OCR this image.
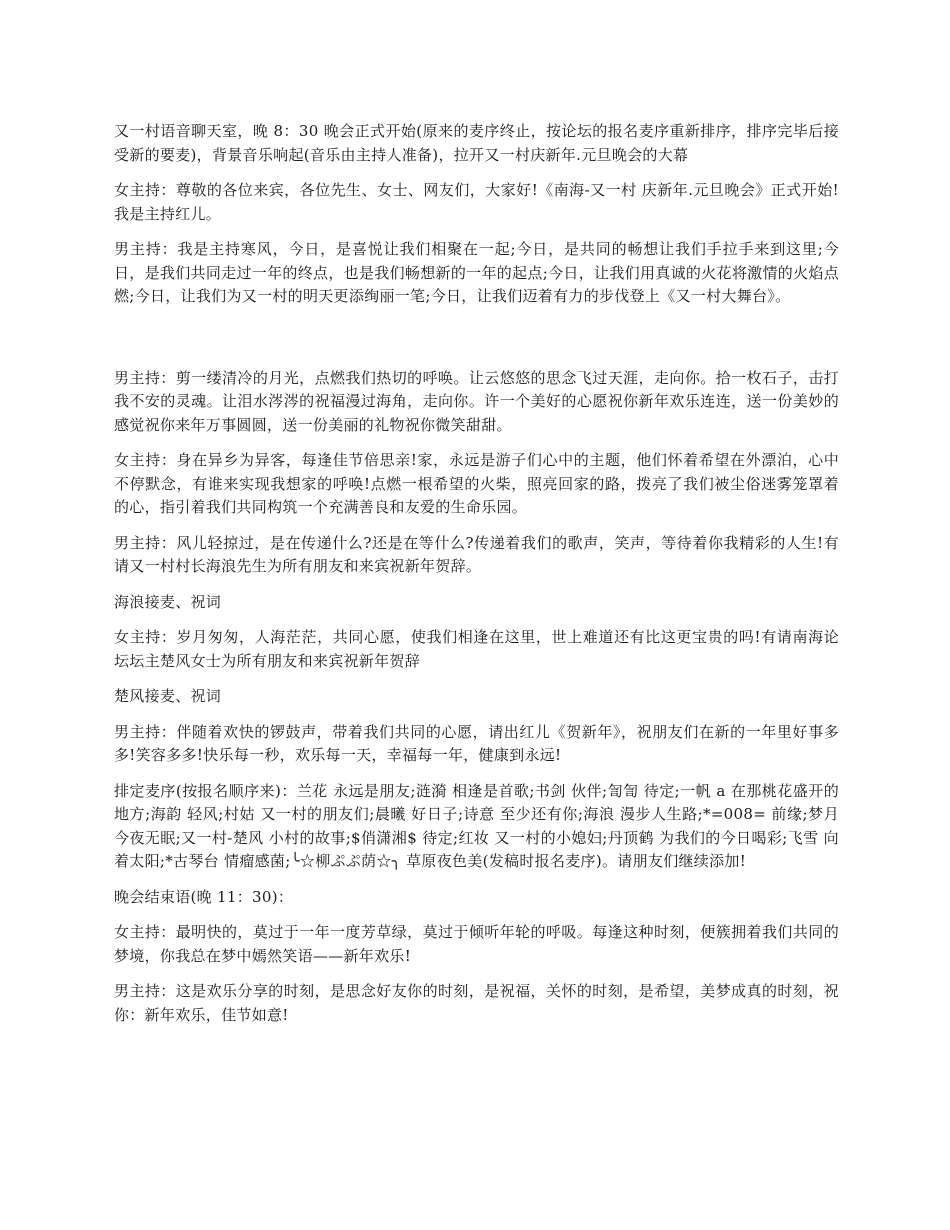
又一村语音聊天室，晚 8：30 晚会正式开始(原来的麦序终止，按论坛的报名麦序重新排序，排序完毕后接受新的要麦)，背景音乐响起(音乐由主持人准备)，拉开又一村庆新年.元旦晚会的大幕

女主持：尊敬的各位来宾，各位先生、女士、网友们，大家好!《南海-又一村 庆新年.元旦晚会》正式开始!我是主持红儿。

男主持：我是主持寒风，今日，是喜悦让我们相聚在一起;今日，是共同的畅想让我们手拉手来到这里;今日，是我们共同走过一年的终点，也是我们畅想新的一年的起点;今日，让我们用真诚的火花将激情的火焰点燃;今日，让我们为又一村的明天更添绚丽一笔;今日，让我们迈着有力的步伐登上《又一村大舞台》。

男主持：剪一缕清冷的月光，点燃我们热切的呼唤。让云悠悠的思念飞过天涯，走向你。拾一枚石子，击打我不安的灵魂。让泪水涔涔的祝福漫过海角，走向你。许一个美好的心愿祝你新年欢乐连连，送一份美妙的感觉祝你来年万事圆圆，送一份美丽的礼物祝你微笑甜甜。

女主持：身在异乡为异客，每逢佳节倍思亲!家，永远是游子们心中的主题，他们怀着希望在外漂泊，心中不停默念，有谁来实现我想家的呼唤!点燃一根希望的火柴，照亮回家的路，拨亮了我们被尘俗迷雾笼罩着的心，指引着我们共同构筑一个充满善良和友爱的生命乐园。

男主持：风儿轻掠过，是在传递什么?还是在等什么?传递着我们的歌声，笑声，等待着你我精彩的人生!有请又一村村长海浪先生为所有朋友和来宾祝新年贺辞。

海浪接麦、祝词

女主持：岁月匆匆，人海茫茫，共同心愿，使我们相逢在这里，世上难道还有比这更宝贵的吗!有请南海论坛坛主楚风女士为所有朋友和来宾祝新年贺辞

楚风接麦、祝词

男主持：伴随着欢快的锣鼓声，带着我们共同的心愿，请出红儿《贺新年》，祝朋友们在新的一年里好事多多!笑容多多!快乐每一秒，欢乐每一天，幸福每一年，健康到永远!

排定麦序(按报名顺序来)：兰花 永远是朋友;涟漪 相逢是首歌;书剑 伙伴;訇訇 待定;一帆 a 在那桃花盛开的地方;海韵 轻风;村姑 又一村的朋友们;晨曦 好日子;诗意 至少还有你;海浪 漫步人生路;*=008= 前缘;梦月 今夜无眠;又一村-楚风 小村的故事;$俏潇湘$ 待定;红妆 又一村的小媳妇;丹顶鹤 为我们的今日喝彩;飞雪 向着太阳;*古琴台 情瘤感菌;╰☆柳ぷぷ荫☆╮ 草原夜色美(发稿时报名麦序)。请朋友们继续添加!

晚会结束语(晚 11：30)：

女主持：最明快的，莫过于一年一度芳草绿，莫过于倾听年轮的呼吸。每逢这种时刻，便簇拥着我们共同的梦境，你我总在梦中嫣然笑语——新年欢乐!

男主持：这是欢乐分享的时刻，是思念好友你的时刻，是祝福，关怀的时刻，是希望，美梦成真的时刻，祝你：新年欢乐，佳节如意!
